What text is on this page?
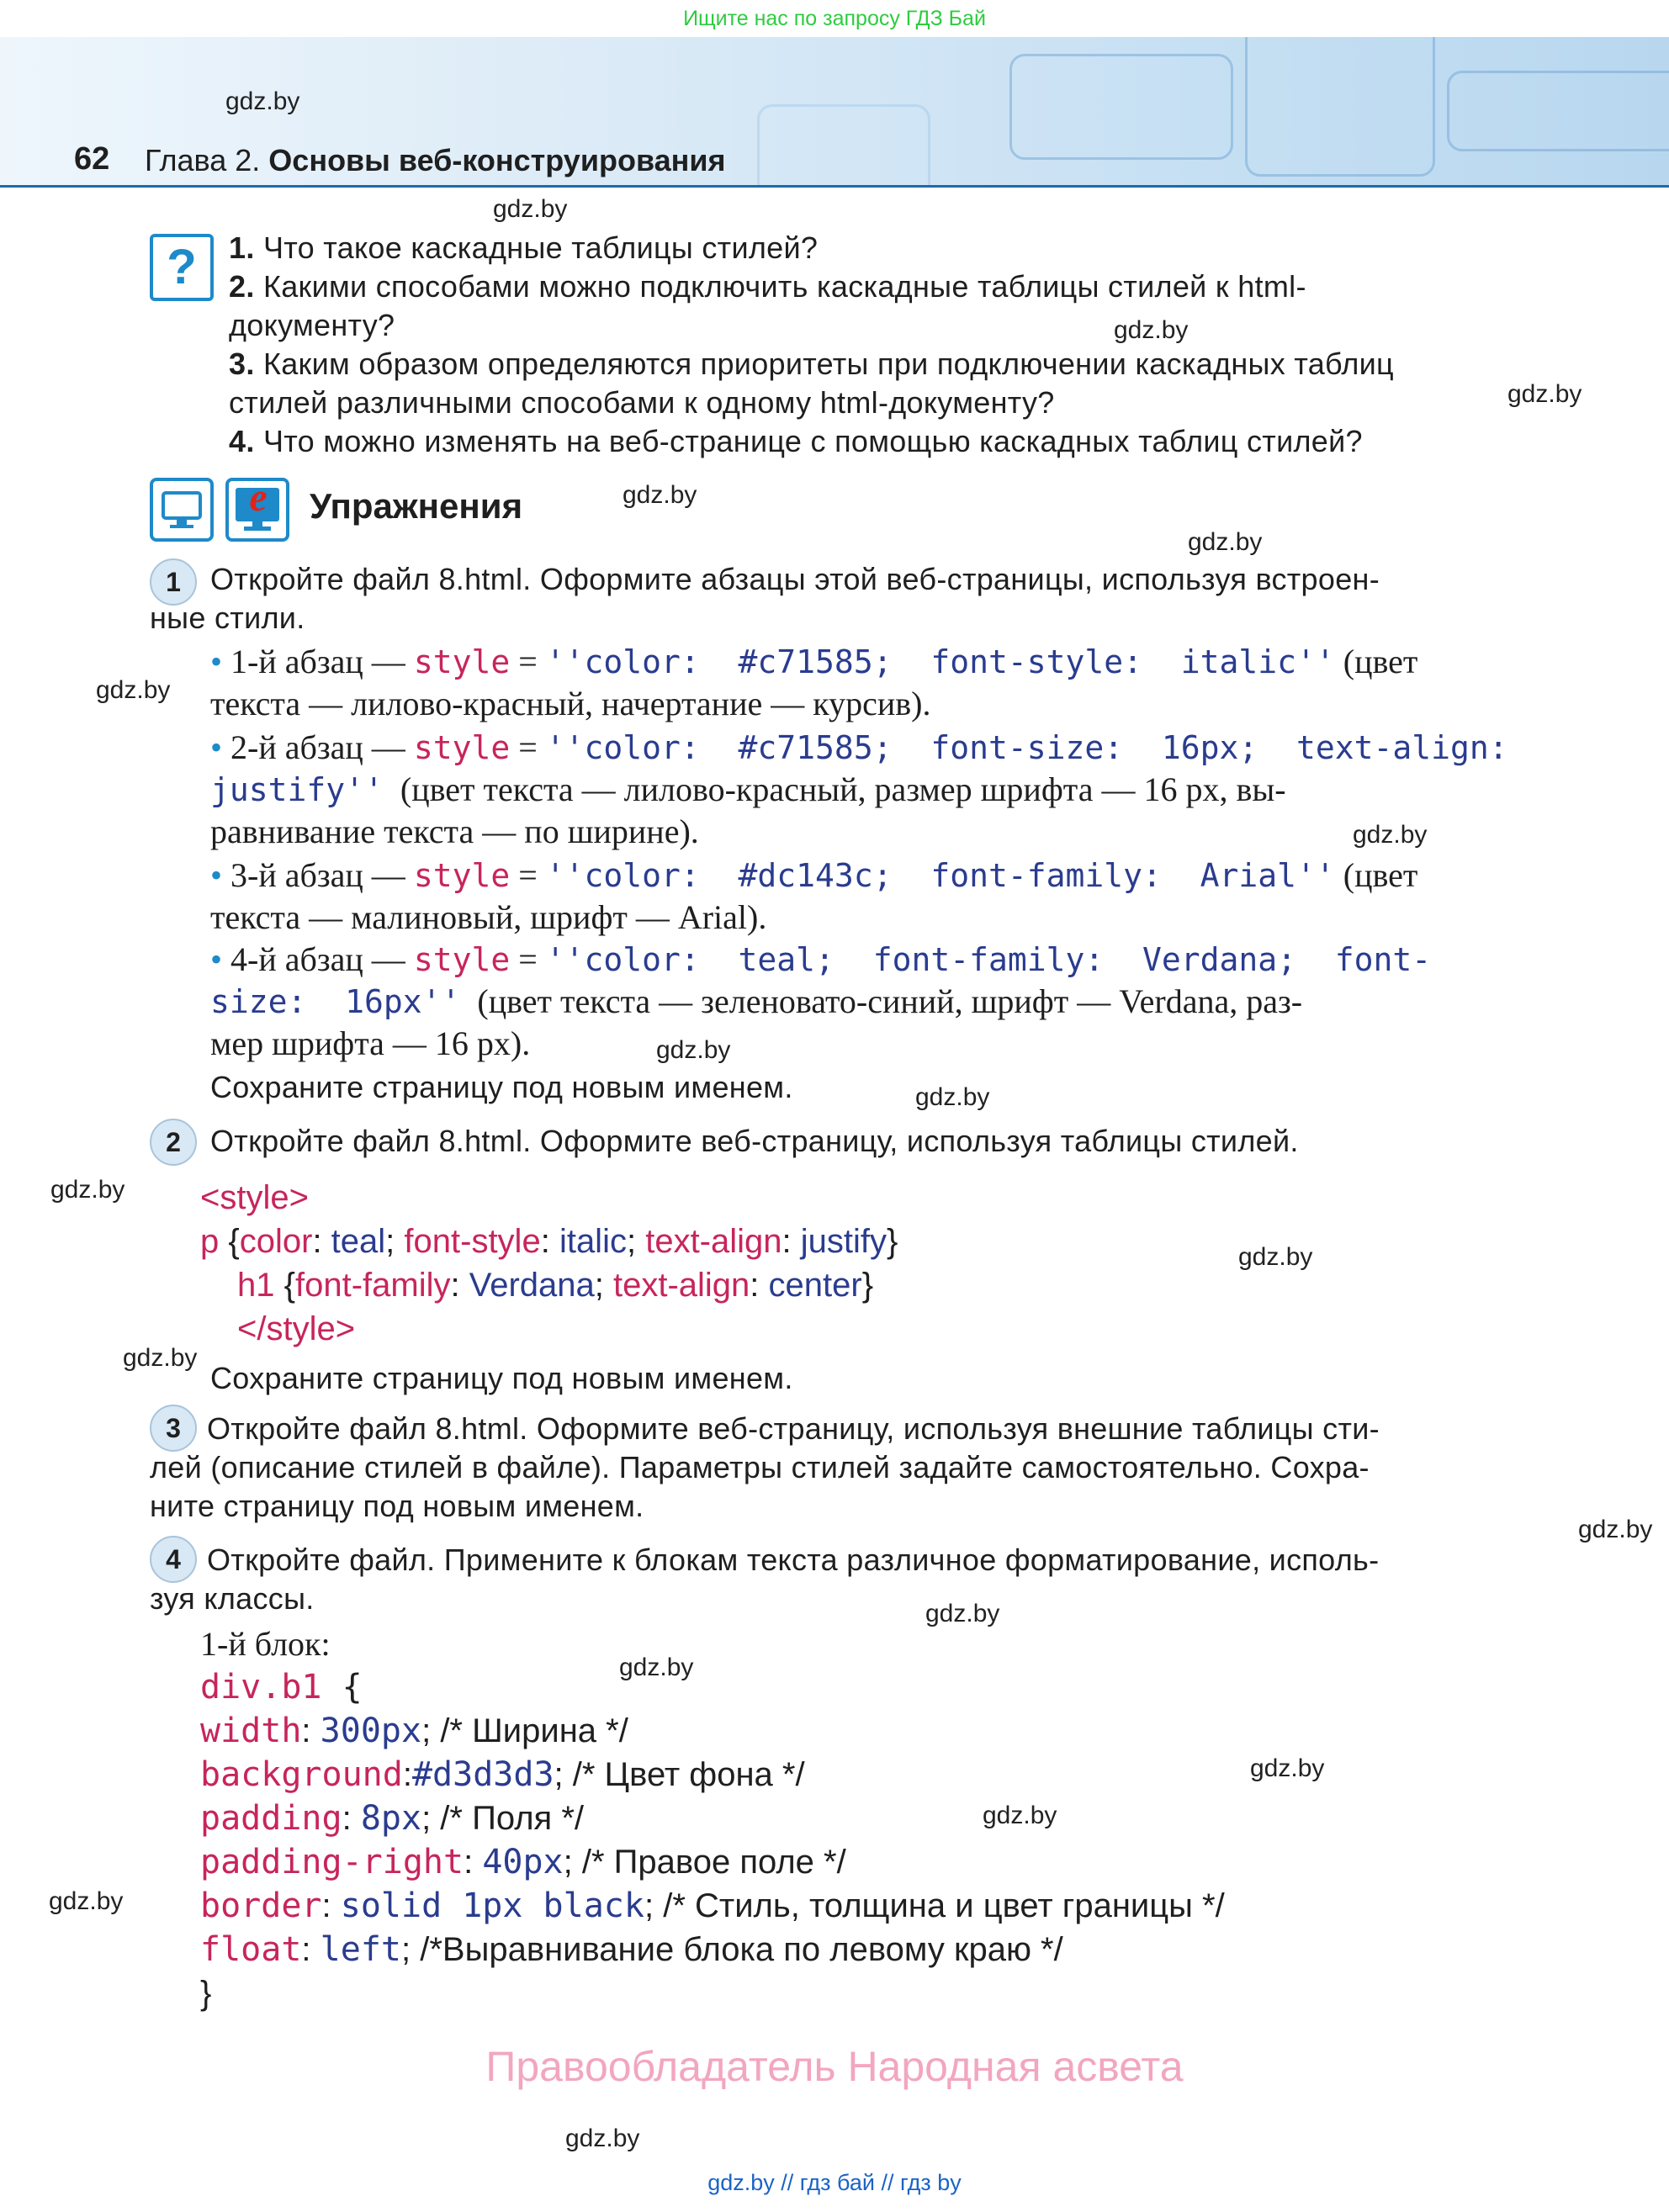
Ищите нас по запросу ГДЗ Бай
gdz.by
62 Глава 2. Основы веб-конструирования
gdz.by
?	1. Что такое каскадные таблицы стилей?
2. Какими способами можно подключить каскадные таблицы стилей к html-
документу?	gdz.by
3. Каким образом определяются приоритеты при подключении каскадных таблиц
стилей различными способами к одному html-документу?	gdz.by
4. Что можно изменять на веб-странице с помощью каскадных таблиц стилей?
e Упражнения	gdz.by
gdz.by
1 Откройте файл 8.html. Оформите абзацы этой веб-страницы, используя встроен-
ные стили.
gdz.by
• 1-й абзац — style = ''color:  #c71585;  font-style:  italic'' (цвет
текста — лилово-красный, начертание — курсив).
• 2-й абзац — style = ''color:  #c71585;  font-size:  16px;  text-align:
justify'' (цвет текста — лилово-красный, размер шрифта — 16 px, вы-
равнивание текста — по ширине).	gdz.by
• 3-й абзац — style = ''color:  #dc143c;  font-family:  Arial'' (цвет
текста — малиновый, шрифт — Arial).
• 4-й абзац — style = ''color:  teal;  font-family:  Verdana;  font-
size:  16px'' (цвет текста — зеленовато-синий, шрифт — Verdana, раз-
мер шрифта — 16 px).	gdz.by
Сохраните страницу под новым именем.	gdz.by
2 Откройте файл 8.html. Оформите веб-страницу, используя таблицы стилей.
gdz.by <style>
p {color: teal; font-style: italic; text-align: justify}	gdz.by
h1 {font-family: Verdana; text-align: center}
</style>
gdz.by
Сохраните страницу под новым именем.
3 Откройте файл 8.html. Оформите веб-страницу, используя внешние таблицы сти-
лей (описание стилей в файле). Параметры стилей задайте самостоятельно. Сохра-
ните страницу под новым именем.
gdz.by
4 Откройте файл. Примените к блокам текста различное форматирование, исполь-
зуя классы.	gdz.by
1-й блок:
gdz.by
div.b1 {
width: 300px; /* Ширина */
background:#d3d3d3; /* Цвет фона */	gdz.by
padding: 8px; /* Поля */	gdz.by
padding-right: 40px; /* Правое поле */
gdz.by border: solid 1px black; /* Стиль, толщина и цвет границы */
float: left; /*Выравнивание блока по левому краю */
}
Правообладатель Народная асвета
gdz.by
gdz.by // гдз бай // гдз by
